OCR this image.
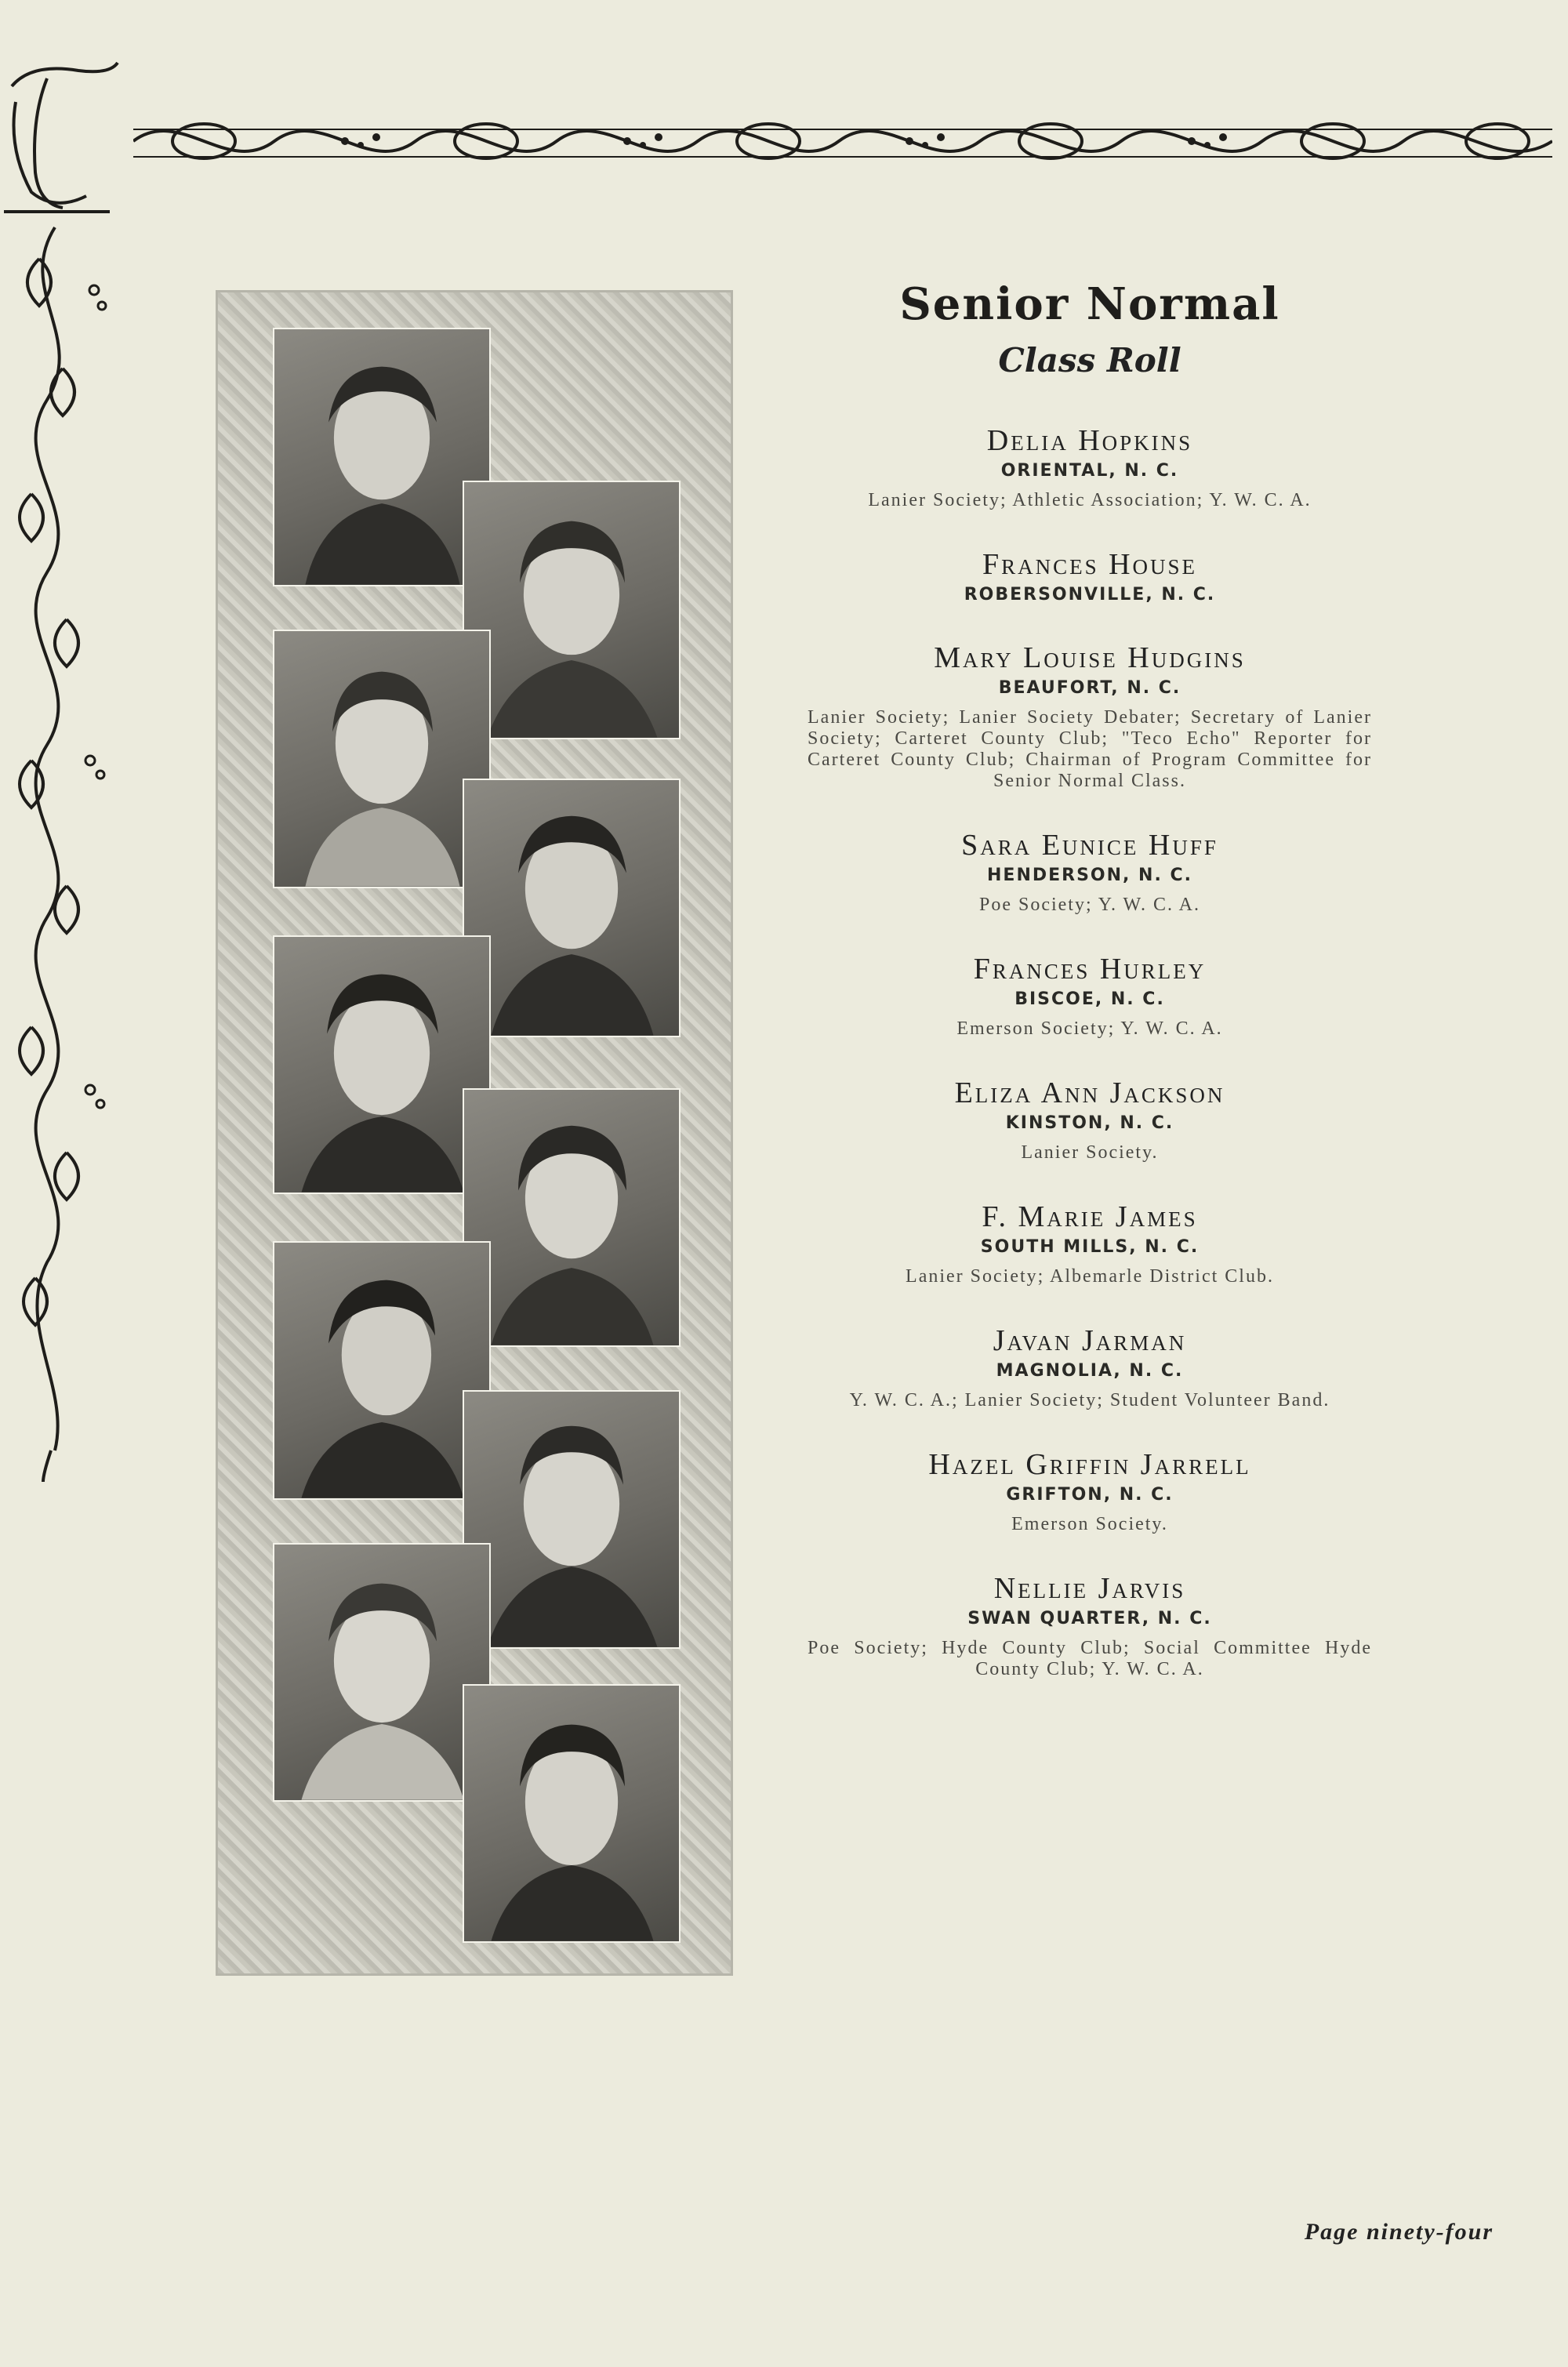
Senior Normal
Class Roll
Delia Hopkins
ORIENTAL, N. C.
Lanier Society; Athletic Association; Y. W. C. A.
Frances House
ROBERSONVILLE, N. C.
Mary Louise Hudgins
BEAUFORT, N. C.
Lanier Society; Lanier Society Debater; Secretary of Lanier Society; Carteret County Club; "Teco Echo" Reporter for Carteret County Club; Chairman of Program Committee for Senior Normal Class.
Sara Eunice Huff
HENDERSON, N. C.
Poe Society; Y. W. C. A.
Frances Hurley
BISCOE, N. C.
Emerson Society; Y. W. C. A.
Eliza Ann Jackson
KINSTON, N. C.
Lanier Society.
F. Marie James
SOUTH MILLS, N. C.
Lanier Society; Albemarle District Club.
Javan Jarman
MAGNOLIA, N. C.
Y. W. C. A.; Lanier Society; Student Volunteer Band.
Hazel Griffin Jarrell
GRIFTON, N. C.
Emerson Society.
Nellie Jarvis
SWAN QUARTER, N. C.
Poe Society; Hyde County Club; Social Committee Hyde County Club; Y. W. C. A.
Page ninety-four
